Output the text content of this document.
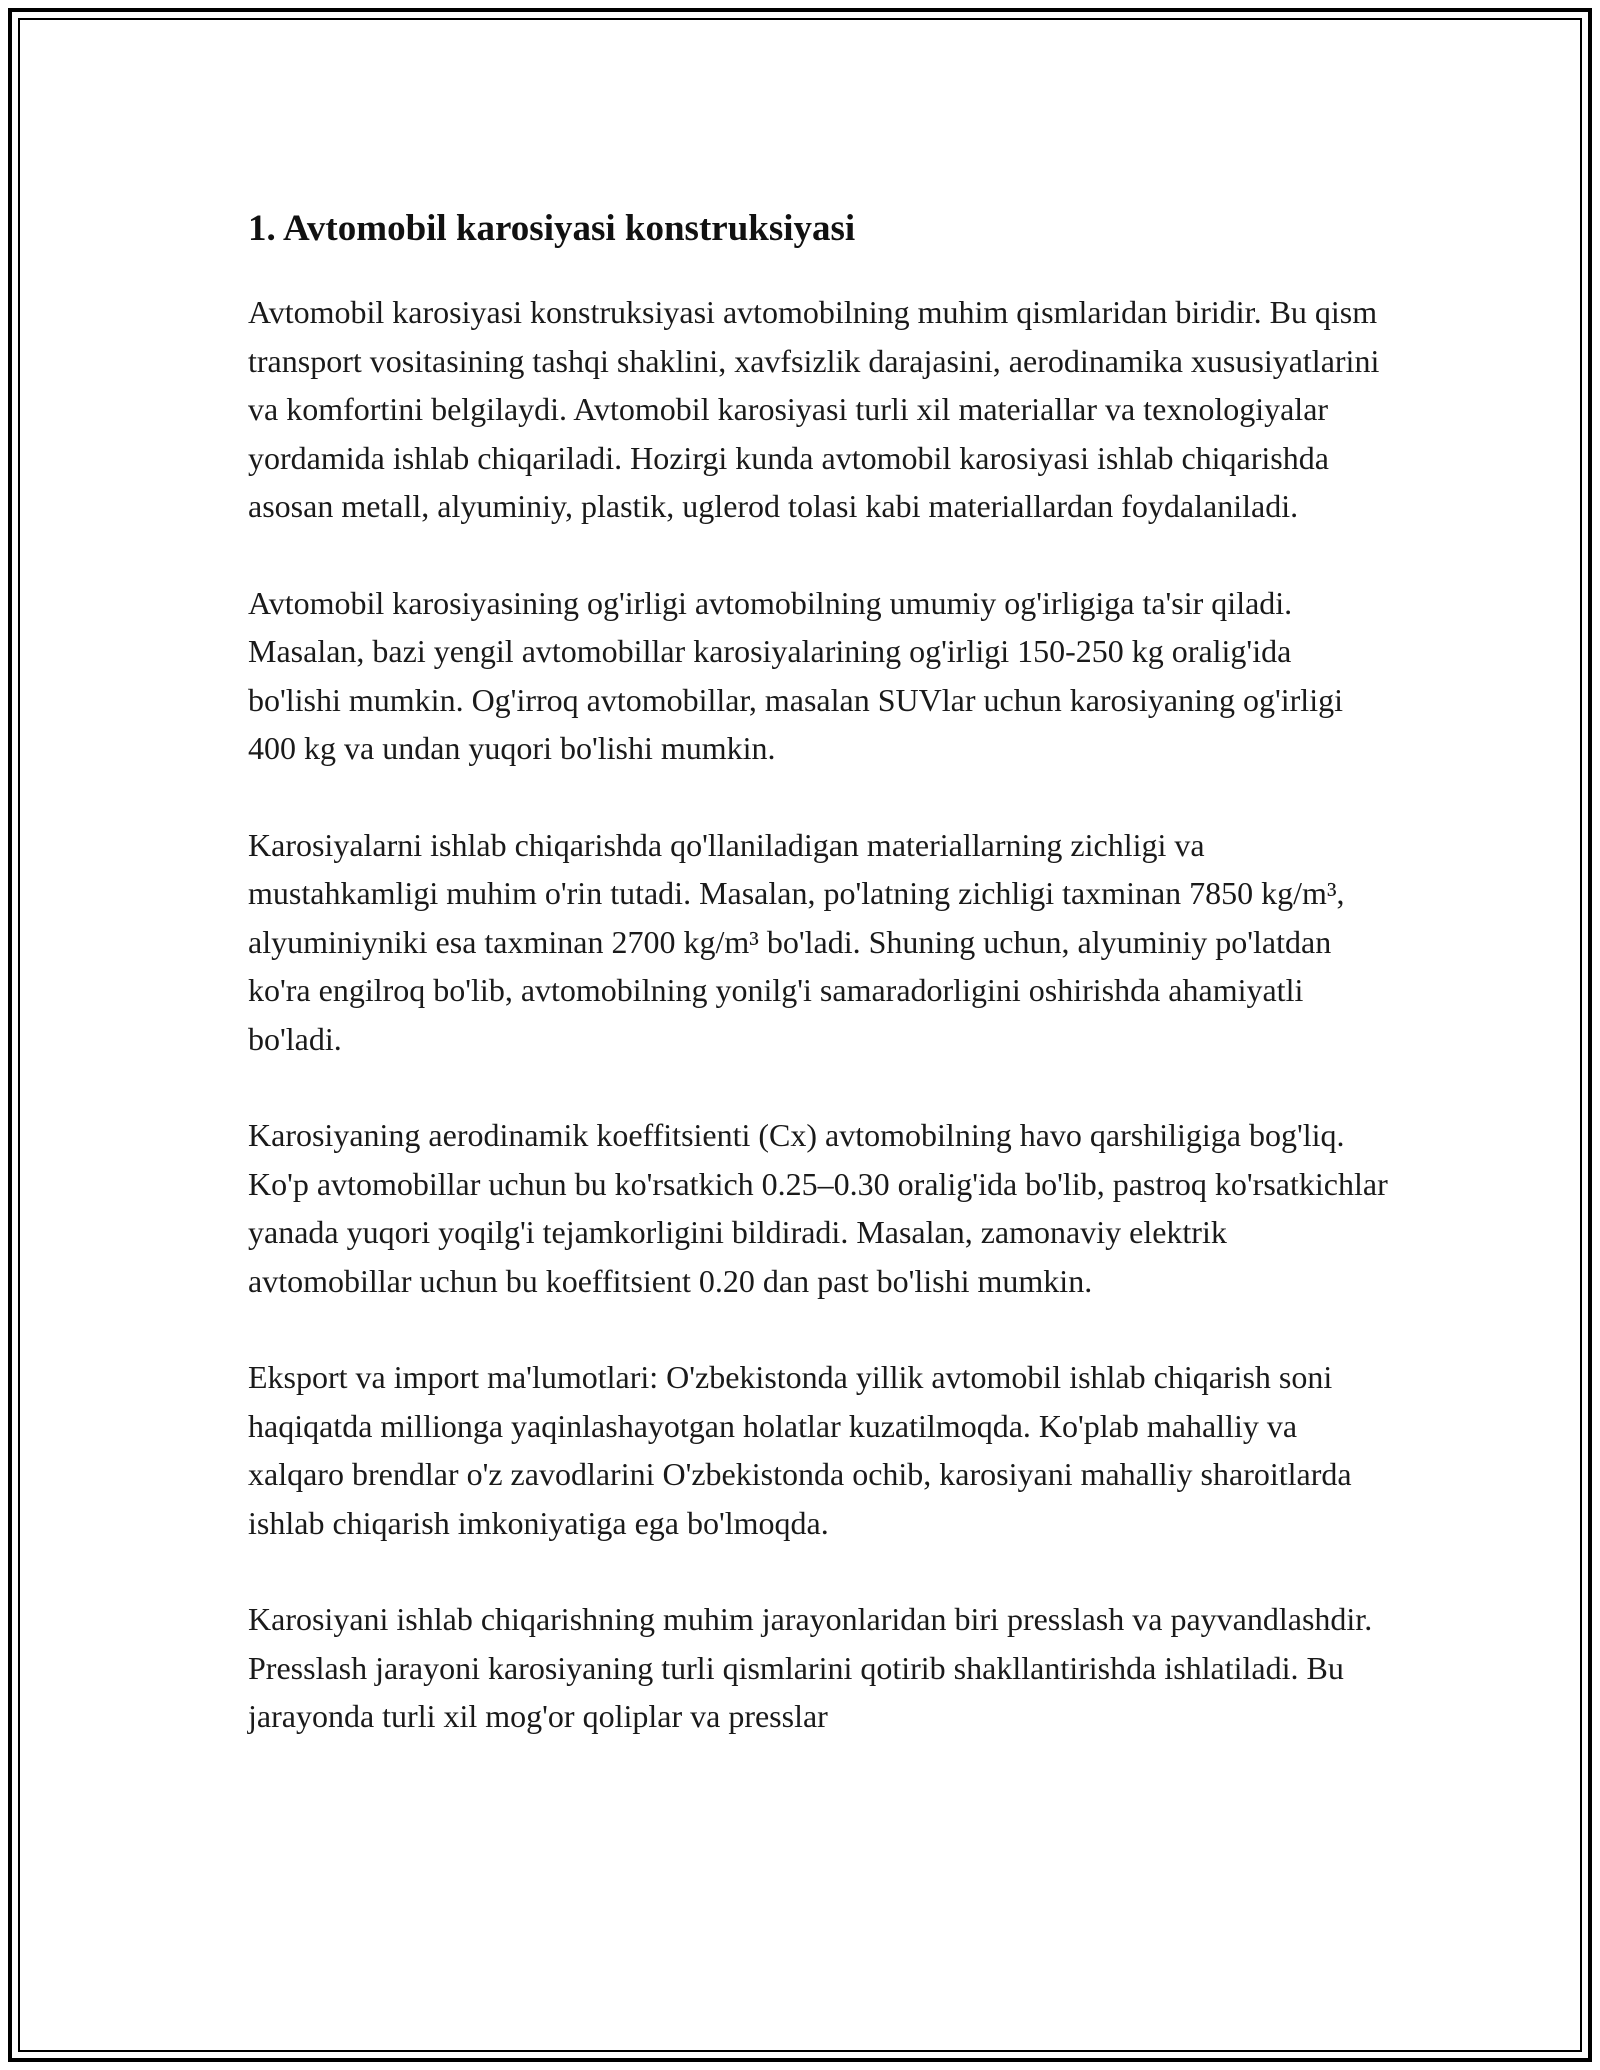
1. Avtomobil karosiyasi konstruksiyasi

Avtomobil karosiyasi konstruksiyasi avtomobilning muhim qismlaridan biridir. Bu qism transport vositasining tashqi shaklini, xavfsizlik darajasini, aerodinamika xususiyatlarini va komfortini belgilaydi. Avtomobil karosiyasi turli xil materiallar va texnologiyalar yordamida ishlab chiqariladi. Hozirgi kunda avtomobil karosiyasi ishlab chiqarishda asosan metall, alyuminiy, plastik, uglerod tolasi kabi materiallardan foydalaniladi.

Avtomobil karosiyasining og'irligi avtomobilning umumiy og'irligiga ta'sir qiladi. Masalan, bazi yengil avtomobillar karosiyalarining og'irligi 150-250 kg oralig'ida bo'lishi mumkin. Og'irroq avtomobillar, masalan SUVlar uchun karosiyaning og'irligi 400 kg va undan yuqori bo'lishi mumkin.

Karosiyalarni ishlab chiqarishda qo'llaniladigan materiallarning zichligi va mustahkamligi muhim o'rin tutadi. Masalan, po'latning zichligi taxminan 7850 kg/m³, alyuminiyniki esa taxminan 2700 kg/m³ bo'ladi. Shuning uchun, alyuminiy po'latdan ko'ra engilroq bo'lib, avtomobilning yonilg'i samaradorligini oshirishda ahamiyatli bo'ladi.

Karosiyaning aerodinamik koeffitsienti (Cx) avtomobilning havo qarshiligiga bog'liq. Ko'p avtomobillar uchun bu ko'rsatkich 0.25–0.30 oralig'ida bo'lib, pastroq ko'rsatkichlar yanada yuqori yoqilg'i tejamkorligini bildiradi. Masalan, zamonaviy elektrik avtomobillar uchun bu koeffitsient 0.20 dan past bo'lishi mumkin.

Eksport va import ma'lumotlari: O'zbekistonda yillik avtomobil ishlab chiqarish soni haqiqatda millionga yaqinlashayotgan holatlar kuzatilmoqda. Ko'plab mahalliy va xalqaro brendlar o'z zavodlarini O'zbekistonda ochib, karosiyani mahalliy sharoitlarda ishlab chiqarish imkoniyatiga ega bo'lmoqda.

Karosiyani ishlab chiqarishning muhim jarayonlaridan biri presslash va payvandlashdir. Presslash jarayoni karosiyaning turli qismlarini qotirib shakllantirishda ishlatiladi. Bu jarayonda turli xil mog'or qoliplar va presslar
